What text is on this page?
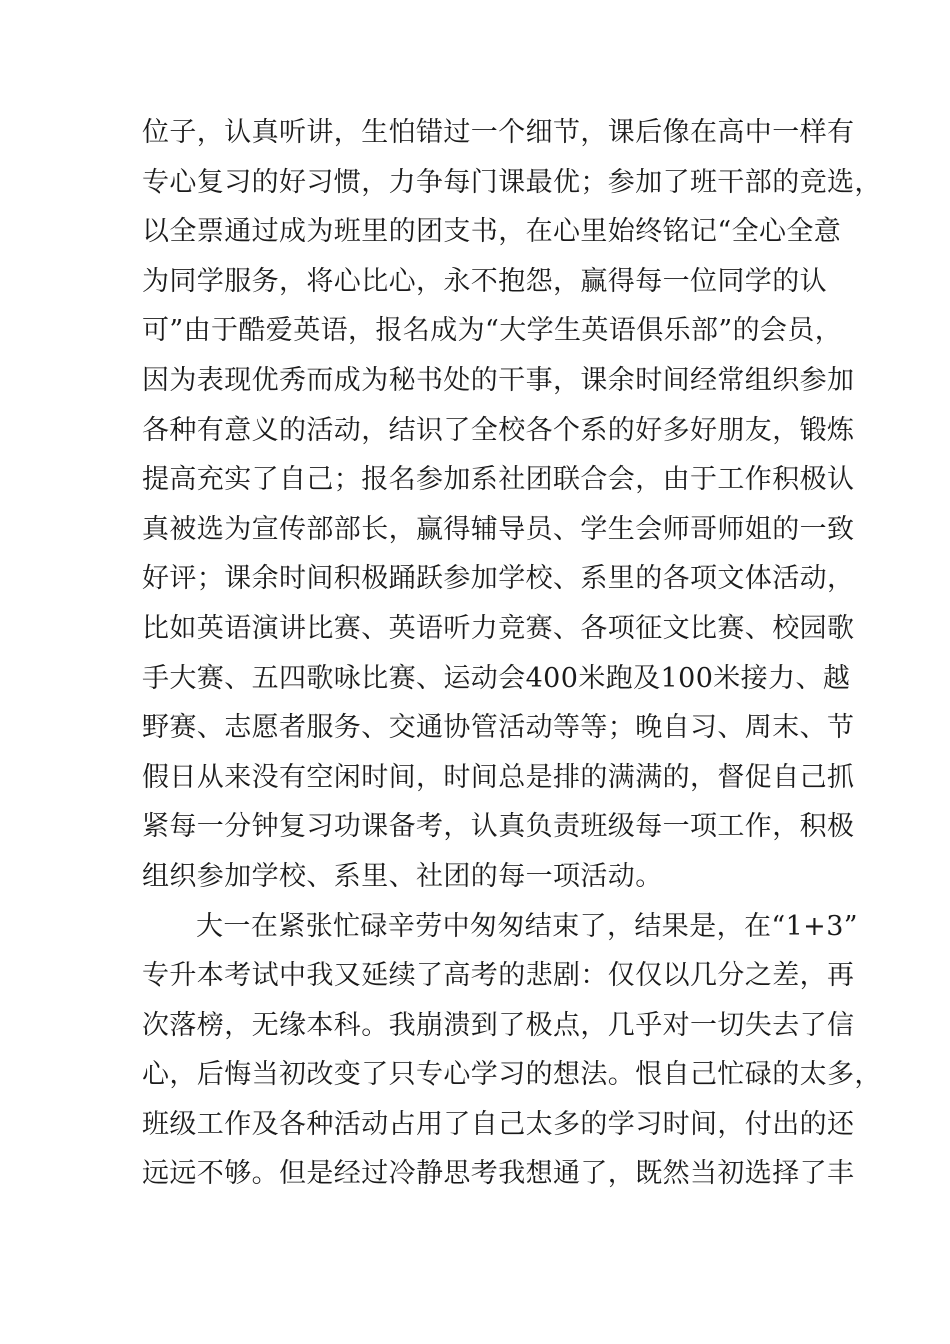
位子，认真听讲，生怕错过一个细节，课后像在高中一样有
专心复习的好习惯，力争每门课最优；参加了班干部的竞选，
以全票通过成为班里的团支书，在心里始终铭记“全心全意
为同学服务，将心比心，永不抱怨，赢得每一位同学的认
可”由于酷爱英语，报名成为“大学生英语俱乐部”的会员，
因为表现优秀而成为秘书处的干事，课余时间经常组织参加
各种有意义的活动，结识了全校各个系的好多好朋友，锻炼
提高充实了自己；报名参加系社团联合会，由于工作积极认
真被选为宣传部部长，赢得辅导员、学生会师哥师姐的一致
好评；课余时间积极踊跃参加学校、系里的各项文体活动，
比如英语演讲比赛、英语听力竞赛、各项征文比赛、校园歌
手大赛、五四歌咏比赛、运动会400米跑及100米接力、越
野赛、志愿者服务、交通协管活动等等；晚自习、周末、节
假日从来没有空闲时间，时间总是排的满满的，督促自己抓
紧每一分钟复习功课备考，认真负责班级每一项工作，积极
组织参加学校、系里、社团的每一项活动。
大一在紧张忙碌辛劳中匆匆结束了，结果是，在“1+3”
专升本考试中我又延续了高考的悲剧：仅仅以几分之差，再
次落榜，无缘本科。我崩溃到了极点，几乎对一切失去了信
心，后悔当初改变了只专心学习的想法。恨自己忙碌的太多，
班级工作及各种活动占用了自己太多的学习时间，付出的还
远远不够。但是经过冷静思考我想通了，既然当初选择了丰
